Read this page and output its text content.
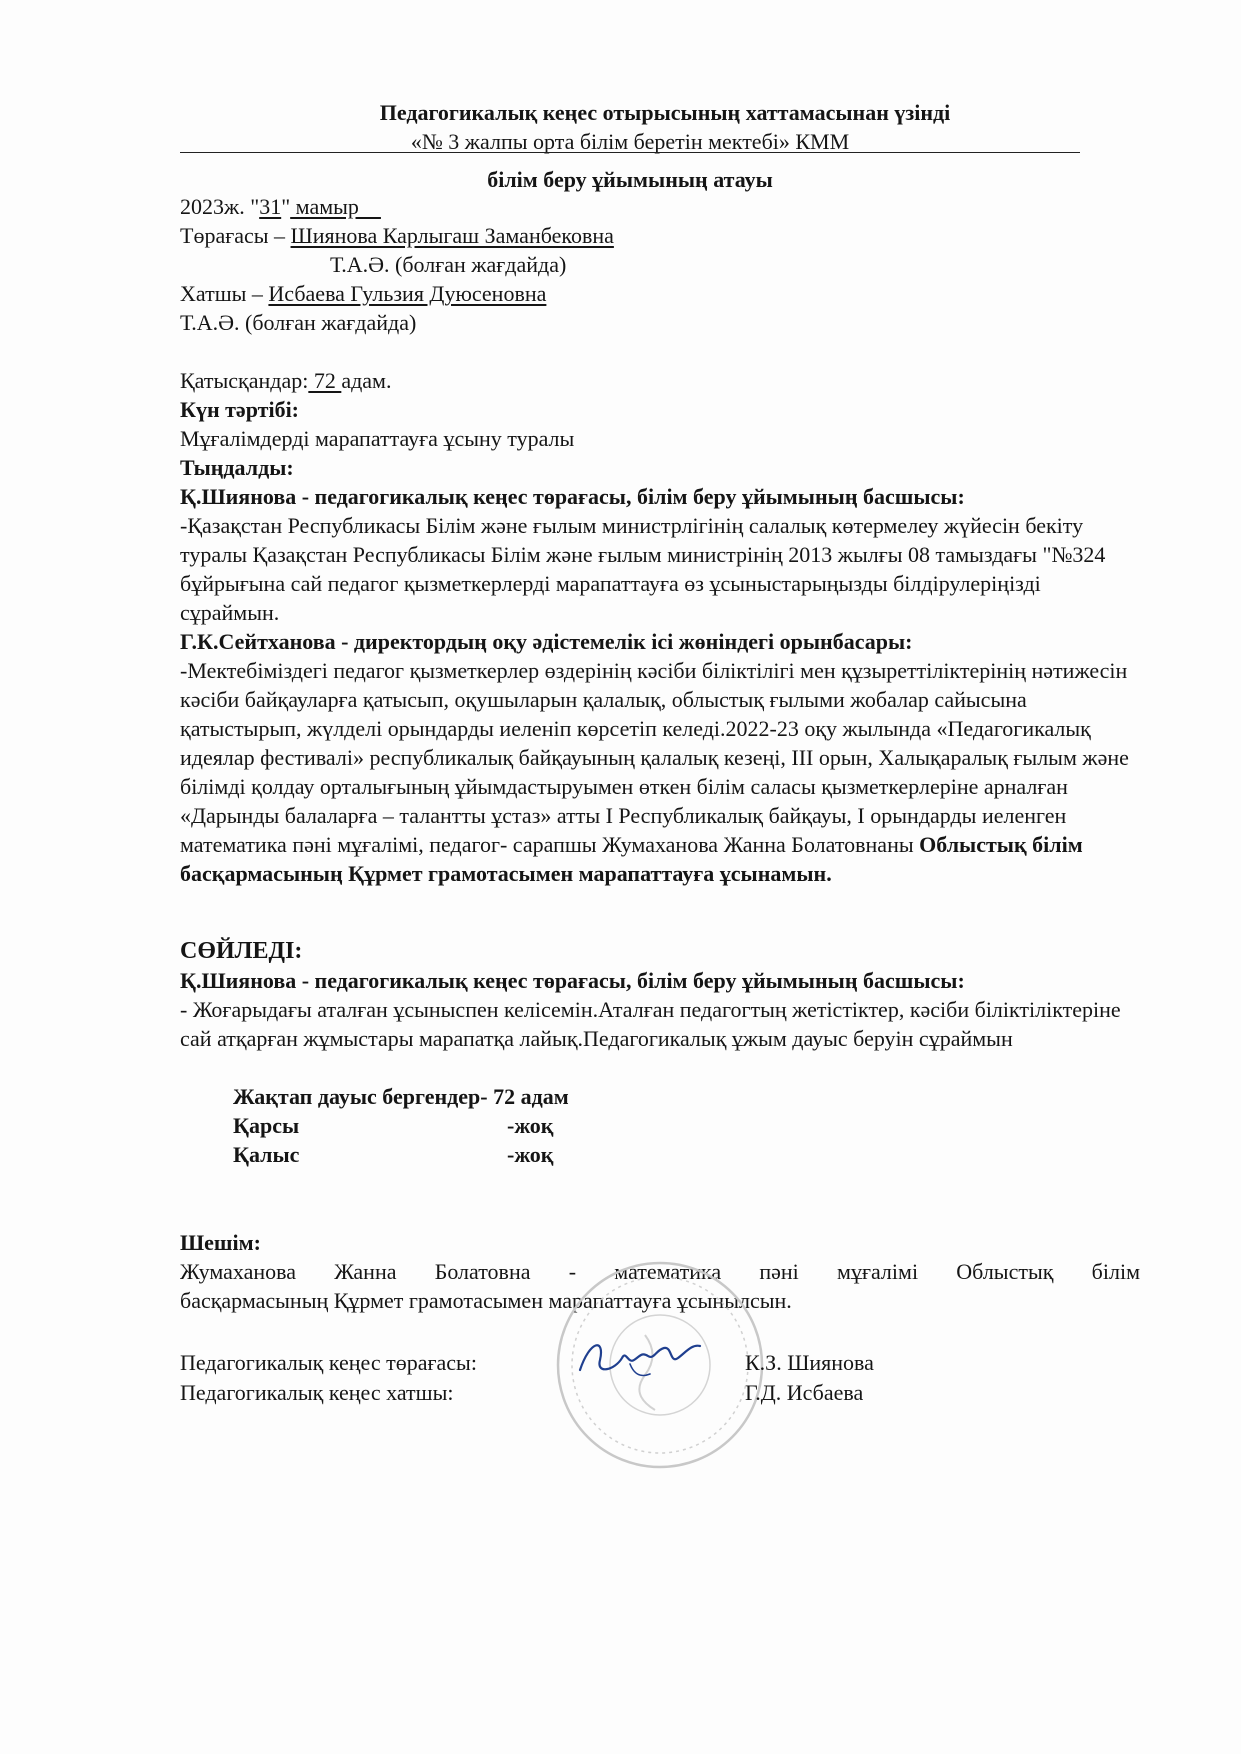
Педагогикалық кеңес отырысының хаттамасынан үзінді
«№ 3 жалпы орта білім беретін мектебі» КММ
білім беру ұйымының атауы
2023ж. "31" мамыр
Төрағасы – Шиянова Карлыгаш Заманбековна
Т.А.Ә. (болған жағдайда)
Хатшы – Исбаева Гульзия Дуюсеновна
Т.А.Ә. (болған жағдайда)
Қатысқандар: 72 адам.
Күн тәртібі:
Мұғалімдерді марапаттауға ұсыну туралы
Тыңдалды:
Қ.Шиянова - педагогикалық кеңес төрағасы, білім беру ұйымының басшысы:
-Қазақстан Республикасы Білім және ғылым министрлігінің салалық көтермелеу жүйесін бекіту туралы Қазақстан Республикасы Білім және ғылым министрінің 2013 жылғы 08 тамыздағы "№324 бұйрығына сай педагог қызметкерлерді марапаттауға өз ұсыныстарыңызды білдірулеріңізді сұраймын.
Г.К.Сейтханова - директордың оқу әдістемелік ісі жөніндегі орынбасары:
-Мектебіміздегі педагог қызметкерлер өздерінің кәсіби біліктілігі мен құзыреттіліктерінің нәтижесін кәсіби байқауларға қатысып, оқушыларын қалалық, облыстық ғылыми жобалар сайысына қатыстырып, жүлделі орындарды иеленіп көрсетіп келеді.2022-23 оқу жылында «Педагогикалық идеялар фестивалі» республикалық байқауының қалалық кезеңі, III орын, Халықаралық ғылым және білімді қолдау орталығының ұйымдастыруымен өткен білім саласы қызметкерлеріне арналған «Дарынды балаларға – талантты ұстаз» атты I Республикалық байқауы, I орындарды иеленген математика пәні мұғалімі, педагог- сарапшы Жумаханова Жанна Болатовнаны Облыстық білім басқармасының Құрмет грамотасымен марапаттауға ұсынамын.
СӨЙЛЕДІ:
Қ.Шиянова - педагогикалық кеңес төрағасы, білім беру ұйымының басшысы:
- Жоғарыдағы аталған ұсыныспен келісемін.Аталған педагогтың жетістіктер, кәсіби біліктіліктеріне сай атқарған жұмыстары марапатқа лайық.Педагогикалық ұжым дауыс беруін сұраймын
Жақтап дауыс бергендер- 72 адам
Қарсы	-жоқ
Қалыс	-жоқ
Шешім:
Жумаханова Жанна Болатовна - математика пәні мұғалімі Облыстық білім
басқармасының Құрмет грамотасымен марапаттауға ұсынылсын.
Педагогикалық кеңес төрағасы:	К.З. Шиянова
Педагогикалық кеңес хатшы:	Г.Д. Исбаева
